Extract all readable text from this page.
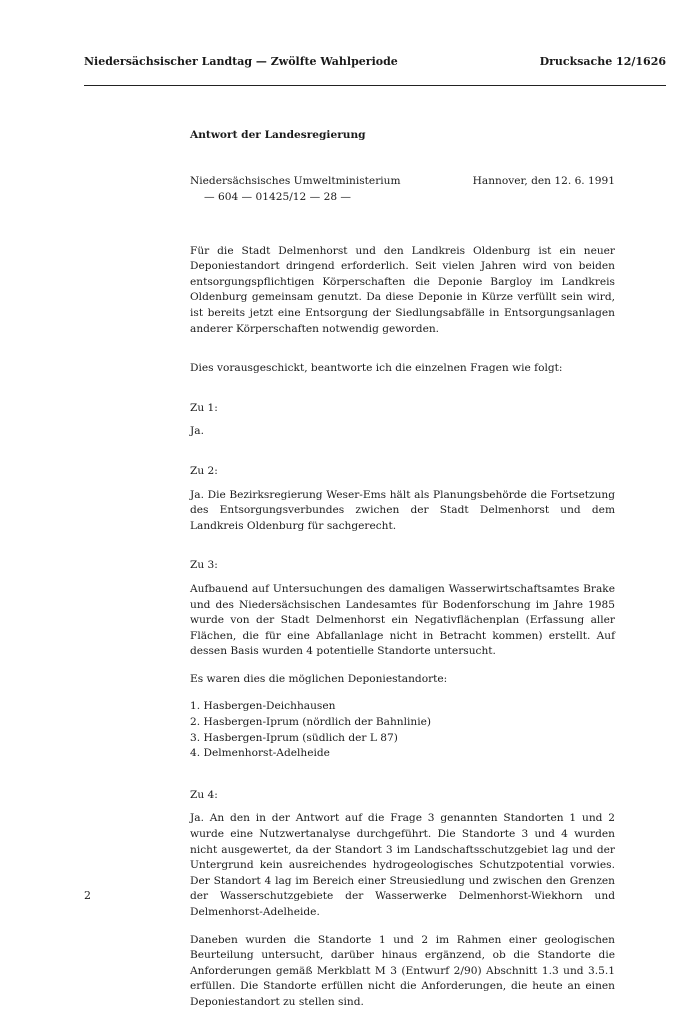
Niedersächsischer Landtag — Zwölfte Wahlperiode	Drucksache 12/1626

Antwort der Landesregierung

Niedersächsisches Umweltministerium
— 604 — 01425/12 — 28 —
Hannover, den 12. 6. 1991

Für die Stadt Delmenhorst und den Landkreis Oldenburg ist ein neuer Deponiestandort dringend erforderlich. Seit vielen Jahren wird von beiden entsorgungspflichtigen Körperschaften die Deponie Bargloy im Landkreis Oldenburg gemeinsam genutzt. Da diese Deponie in Kürze verfüllt sein wird, ist bereits jetzt eine Entsorgung der Siedlungsabfälle in Entsorgungsanlagen anderer Körperschaften notwendig geworden.

Dies vorausgeschickt, beantworte ich die einzelnen Fragen wie folgt:

Zu 1:

Ja.

Zu 2:

Ja. Die Bezirksregierung Weser-Ems hält als Planungsbehörde die Fortsetzung des Entsorgungsverbundes zwichen der Stadt Delmenhorst und dem Landkreis Oldenburg für sachgerecht.

Zu 3:

Aufbauend auf Untersuchungen des damaligen Wasserwirtschaftsamtes Brake und des Niedersächsischen Landesamtes für Bodenforschung im Jahre 1985 wurde von der Stadt Delmenhorst ein Negativflächenplan (Erfassung aller Flächen, die für eine Abfallanlage nicht in Betracht kommen) erstellt. Auf dessen Basis wurden 4 potentielle Standorte untersucht.

Es waren dies die möglichen Deponiestandorte:

1. Hasbergen-Deichhausen
2. Hasbergen-Iprum (nördlich der Bahnlinie)
3. Hasbergen-Iprum (südlich der L 87)
4. Delmenhorst-Adelheide

Zu 4:

Ja. An den in der Antwort auf die Frage 3 genannten Standorten 1 und 2 wurde eine Nutzwertanalyse durchgeführt. Die Standorte 3 und 4 wurden nicht ausgewertet, da der Standort 3 im Landschaftsschutzgebiet lag und der Untergrund kein ausreichendes hydrogeologisches Schutzpotential vorwies. Der Standort 4 lag im Bereich einer Streusiedlung und zwischen den Grenzen der Wasserschutzgebiete der Wasserwerke Delmenhorst-Wiekhorn und Delmenhorst-Adelheide.

Daneben wurden die Standorte 1 und 2 im Rahmen einer geologischen Beurteilung untersucht, darüber hinaus ergänzend, ob die Standorte die Anforderungen gemäß Merkblatt M 3 (Entwurf 2/90) Abschnitt 1.3 und 3.5.1 erfüllen. Die Standorte erfüllen nicht die Anforderungen, die heute an einen Deponiestandort zu stellen sind.

2
